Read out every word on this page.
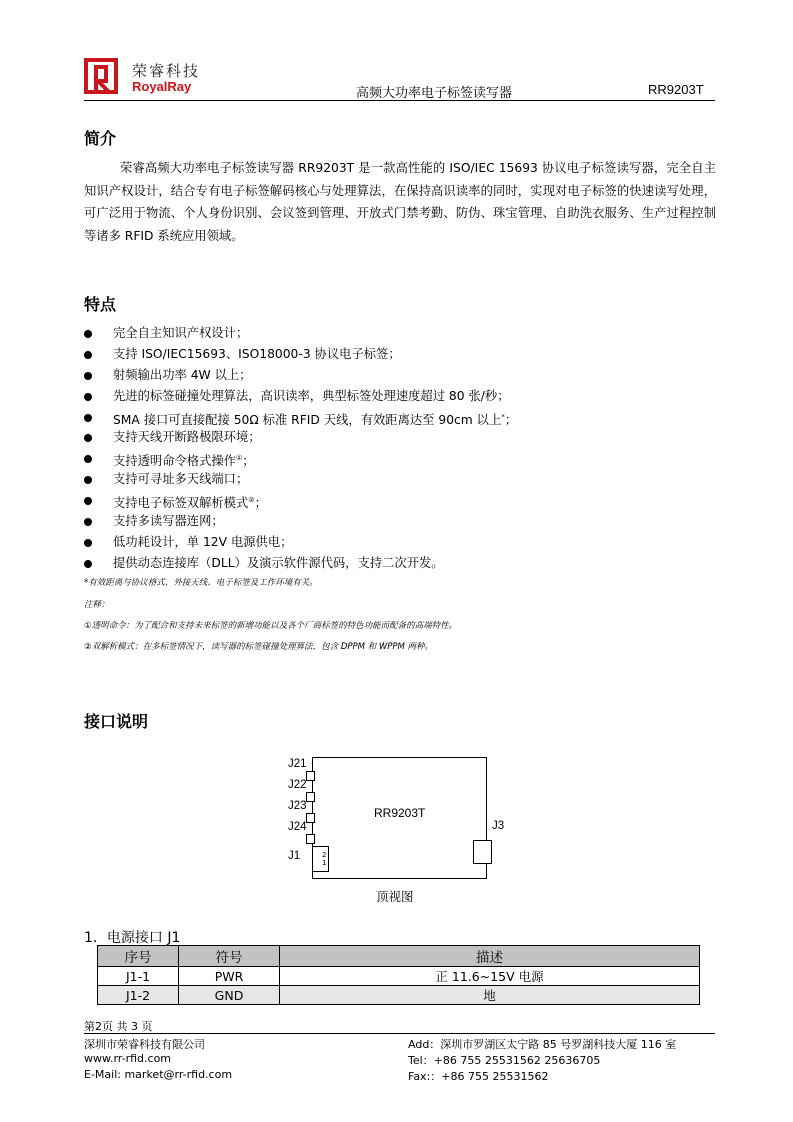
荣睿科技
RoyalRay	高频大功率电子标签读写器	RR9203T
简介
荣睿高频大功率电子标签读写器 RR9203T 是一款高性能的 ISO/IEC 15693 协议电子标签读写器，完全自主知识产权设计，结合专有电子标签解码核心与处理算法，在保持高识读率的同时，实现对电子标签的快速读写处理，可广泛用于物流、个人身份识别、会议签到管理、开放式门禁考勤、防伪、珠宝管理、自助洗衣服务、生产过程控制等诸多 RFID 系统应用领域。
特点
完全自主知识产权设计；
支持 ISO/IEC15693、ISO18000-3 协议电子标签；
射频输出功率 4W 以上；
先进的标签碰撞处理算法，高识读率，典型标签处理速度超过 80 张/秒；
SMA 接口可直接配接 50Ω 标准 RFID 天线，有效距离达至 90cm 以上*；
支持天线开断路极限环境；
支持透明命令格式操作①；
支持可寻址多天线端口；
支持电子标签双解析模式②；
支持多读写器连网；
低功耗设计，单 12V 电源供电；
提供动态连接库（DLL）及演示软件源代码，支持二次开发。
*有效距离与协议格式、外接天线、电子标签及工作环境有关。
注释：
①透明命令：为了配合和支持未来标签的新增功能以及各个厂商标签的特色功能而配备的高端特性。
②双解析模式：在多标签情况下，读写器的标签碰撞处理算法，包含 DPPM 和 WPPM 两种。
接口说明
RR9203T
J21
J22
J23
J24
J1	2
1
J3
顶视图
1．电源接口 J1
序号	符号	描述
J1-1	PWR	正 11.6~15V 电源
J1-2	GND	地
第2页 共 3 页
深圳市荣睿科技有限公司
www.rr-rfid.com
E-Mail: market@rr-rfid.com
Add：深圳市罗湖区太宁路 85 号罗湖科技大厦 116 室
Tel：+86 755 25531562 25636705
Fax:：+86 755 25531562
